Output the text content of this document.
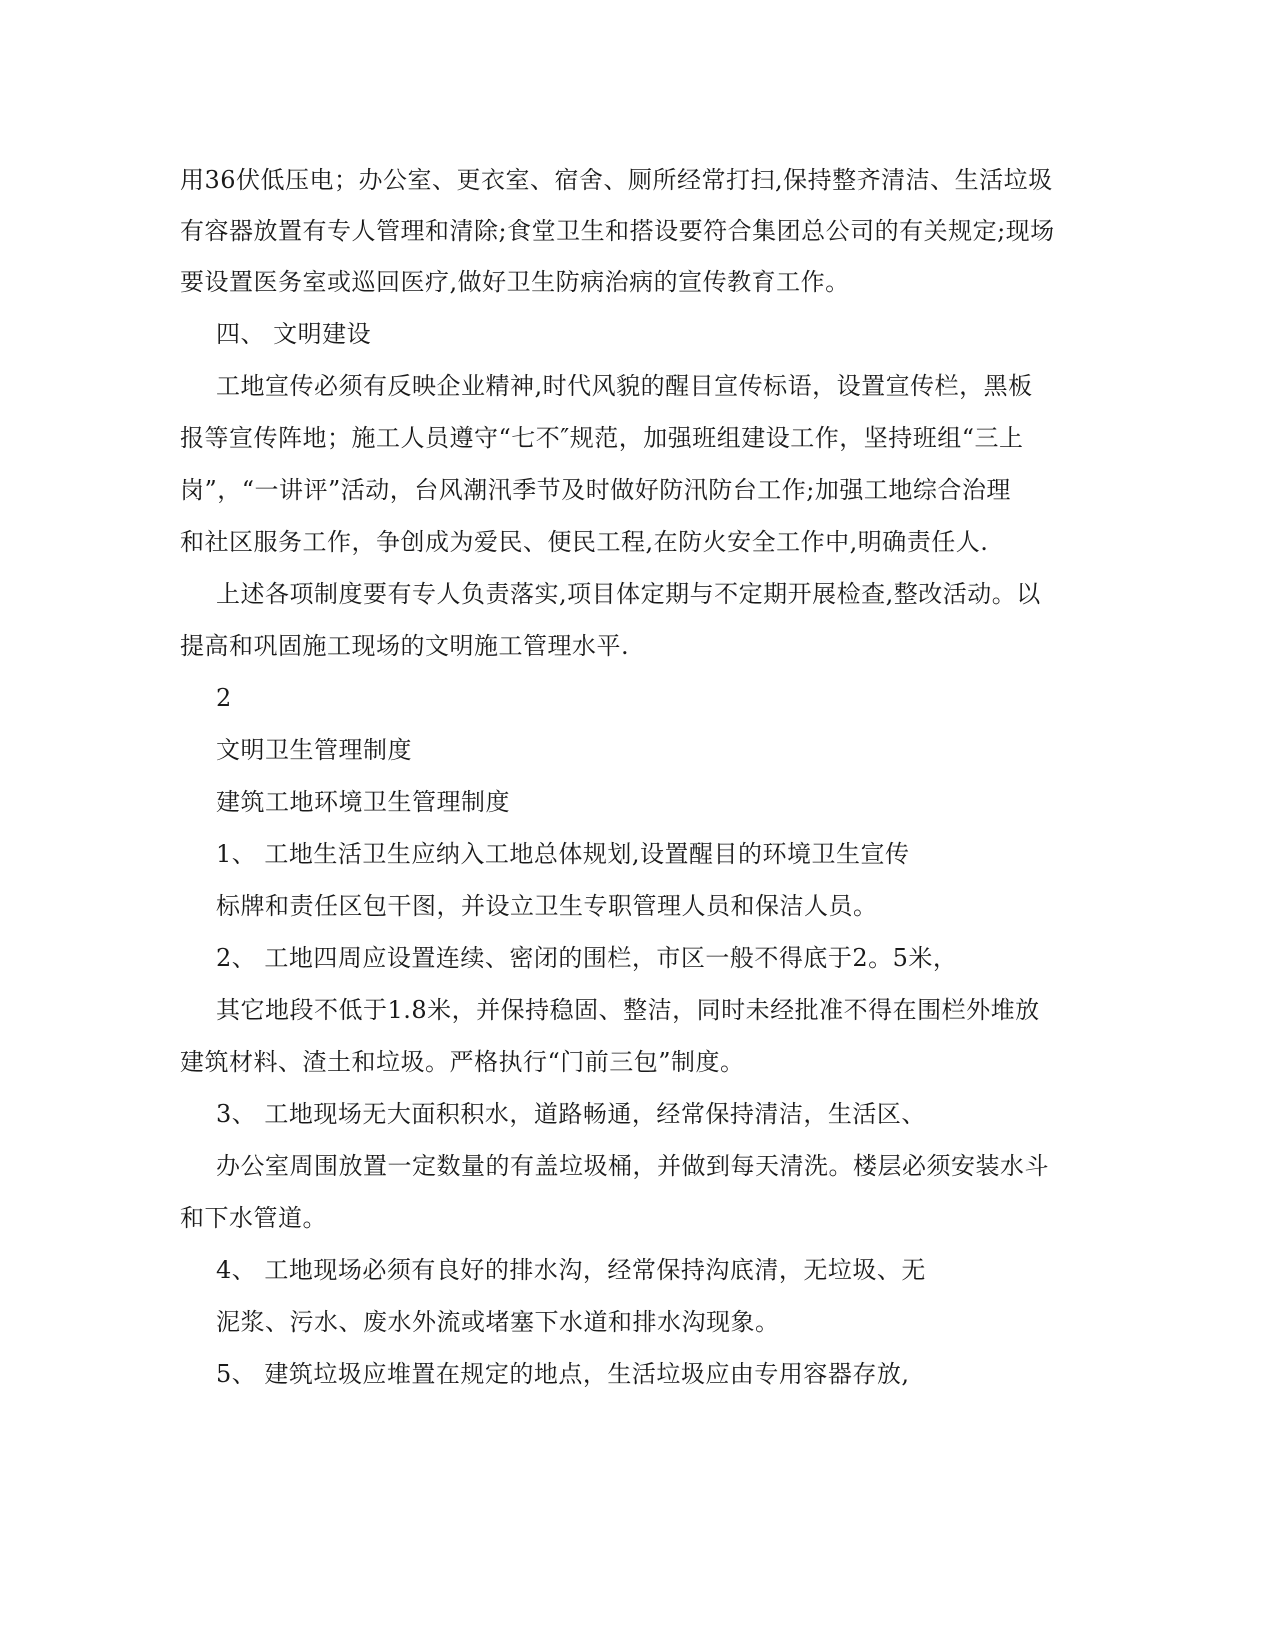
用36伏低压电；办公室、更衣室、宿舍、厕所经常打扫,保持整齐清洁、生活垃圾
有容器放置有专人管理和清除;食堂卫生和搭设要符合集团总公司的有关规定;现场
要设置医务室或巡回医疗,做好卫生防病治病的宣传教育工作。
四、 文明建设
工地宣传必须有反映企业精神,时代风貌的醒目宣传标语，设置宣传栏，黑板
报等宣传阵地；施工人员遵守“七不″规范，加强班组建设工作，坚持班组“三上
岗”，“一讲评”活动，台风潮汛季节及时做好防汛防台工作;加强工地综合治理
和社区服务工作，争创成为爱民、便民工程,在防火安全工作中,明确责任人.
上述各项制度要有专人负责落实,项目体定期与不定期开展检查,整改活动。以
提高和巩固施工现场的文明施工管理水平.
2
文明卫生管理制度
建筑工地环境卫生管理制度
1、 工地生活卫生应纳入工地总体规划,设置醒目的环境卫生宣传
标牌和责任区包干图，并设立卫生专职管理人员和保洁人员。
2、 工地四周应设置连续、密闭的围栏，市区一般不得底于2。5米，
其它地段不低于1.8米，并保持稳固、整洁，同时未经批准不得在围栏外堆放
建筑材料、渣土和垃圾。严格执行“门前三包”制度。
3、 工地现场无大面积积水，道路畅通，经常保持清洁，生活区、
办公室周围放置一定数量的有盖垃圾桶，并做到每天清洗。楼层必须安装水斗
和下水管道。
4、 工地现场必须有良好的排水沟，经常保持沟底清，无垃圾、无
泥浆、污水、废水外流或堵塞下水道和排水沟现象。
5、 建筑垃圾应堆置在规定的地点，生活垃圾应由专用容器存放,
